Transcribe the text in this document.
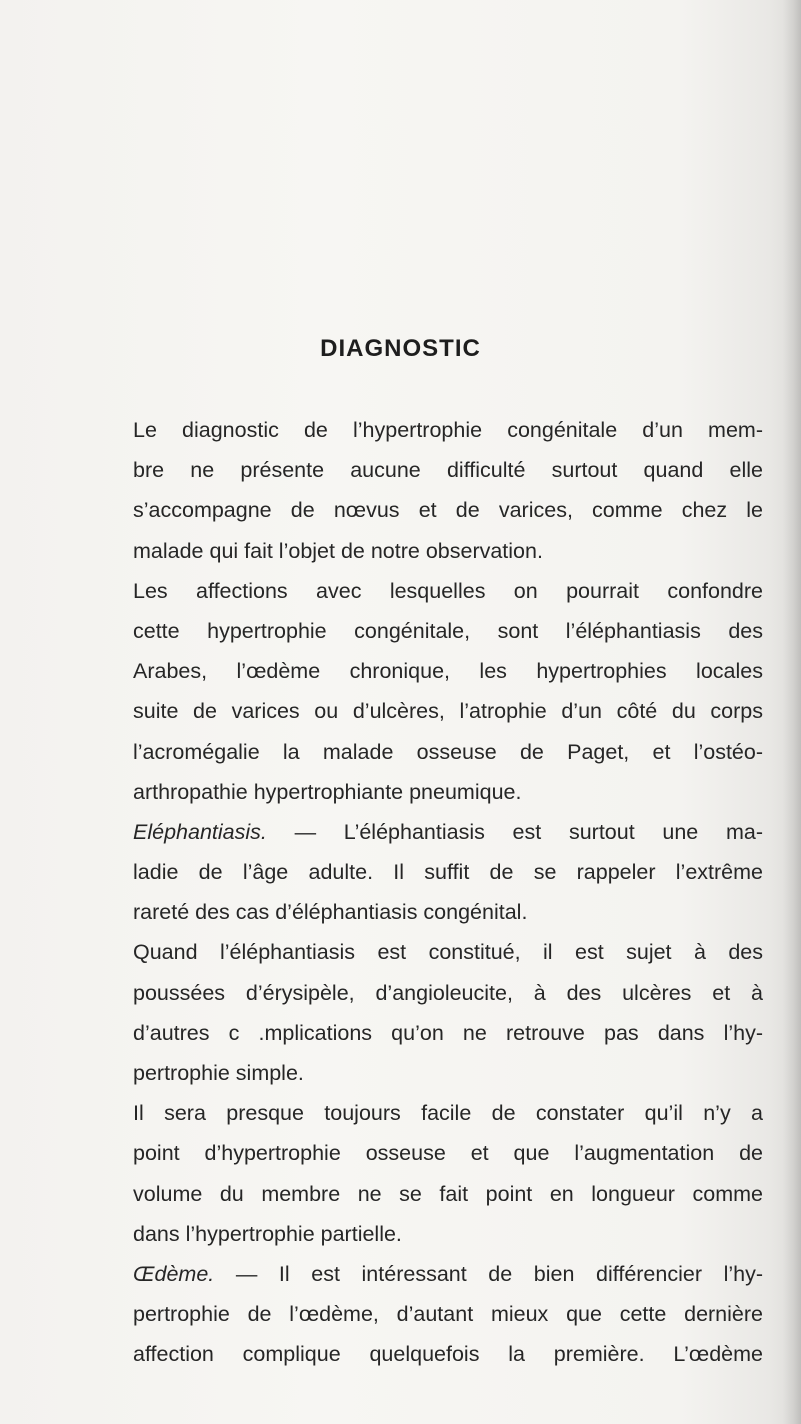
DIAGNOSTIC
Le diagnostic de l’hypertrophie congénitale d’un mem-
bre ne présente aucune difficulté surtout quand elle
s’accompagne de nœvus et de varices, comme chez le
malade qui fait l’objet de notre observation.
Les affections avec lesquelles on pourrait confondre
cette hypertrophie congénitale, sont l’éléphantiasis des
Arabes, l’œdème chronique, les hypertrophies locales
suite de varices ou d’ulcères, l’atrophie d’un côté du corps
l’acromégalie la malade osseuse de Paget, et l’ostéo-
arthropathie hypertrophiante pneumique.
Eléphantiasis. — L’éléphantiasis est surtout une ma-
ladie de l’âge adulte. Il suffit de se rappeler l’extrême
rareté des cas d’éléphantiasis congénital.
Quand l’éléphantiasis est constitué, il est sujet à des
poussées d’érysipèle, d’angioleucite, à des ulcères et à
d’autres c .mplications qu’on ne retrouve pas dans l’hy-
pertrophie simple.
Il sera presque toujours facile de constater qu’il n’y a
point d’hypertrophie osseuse et que l’augmentation de
volume du membre ne se fait point en longueur comme
dans l’hypertrophie partielle.
Œdème. — Il est intéressant de bien différencier l’hy-
pertrophie de l’œdème, d’autant mieux que cette dernière
affection complique quelquefois la première. L’œdème
